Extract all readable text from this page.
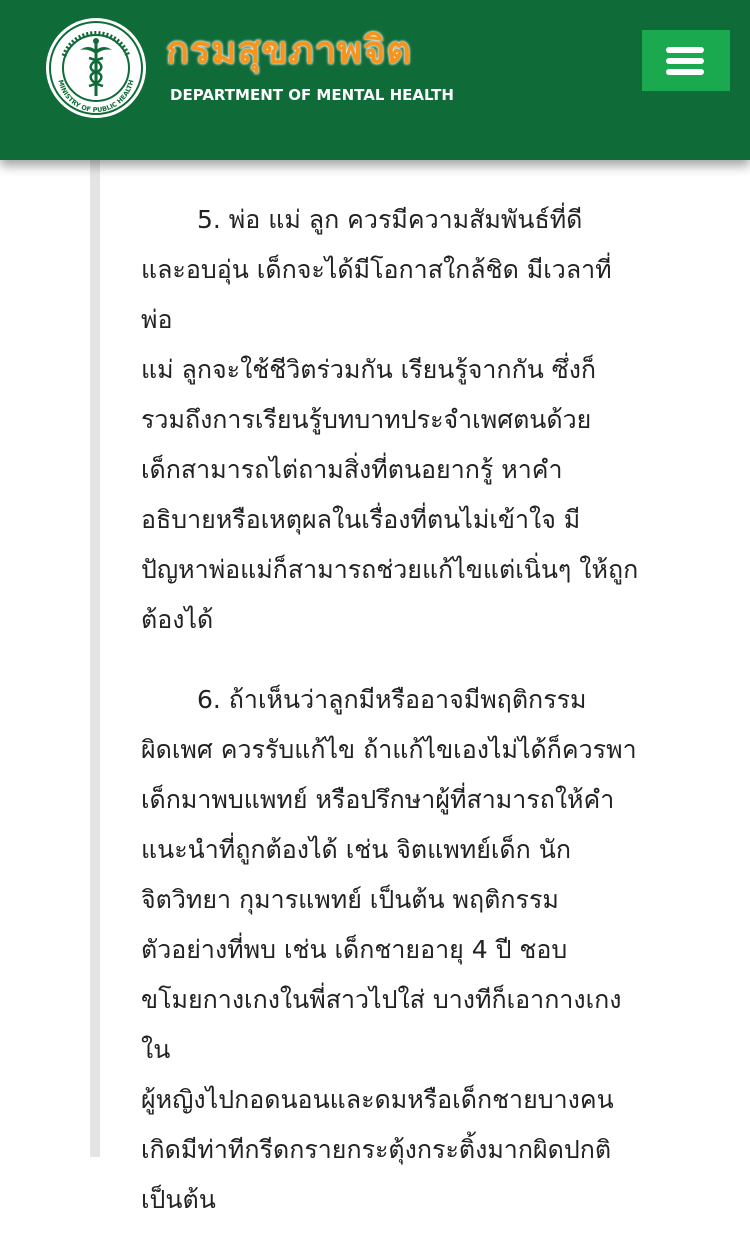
MINISTRY OF PUBLIC HEALTH
กรมสุขภาพจิต
DEPARTMENT OF MENTAL HEALTH

5. พ่อ แม่ ลูก ควรมีความสัมพันธ์ที่ดี
และอบอุ่น เด็กจะได้มีโอกาสใกล้ชิด มีเวลาที่พ่อ
แม่ ลูกจะใช้ชีวิตร่วมกัน เรียนรู้จากกัน ซึ่งก็
รวมถึงการเรียนรู้บทบาทประจำเพศตนด้วย
เด็กสามารถไต่ถามสิ่งที่ตนอยากรู้ หาคำ
อธิบายหรือเหตุผลในเรื่องที่ตนไม่เข้าใจ มี
ปัญหาพ่อแม่ก็สามารถช่วยแก้ไขแต่เนิ่นๆ ให้ถูก
ต้องได้

6. ถ้าเห็นว่าลูกมีหรืออาจมีพฤติกรรม
ผิดเพศ ควรรับแก้ไข ถ้าแก้ไขเองไม่ได้ก็ควรพา
เด็กมาพบแพทย์ หรือปรึกษาผู้ที่สามารถให้คำ
แนะนำที่ถูกต้องได้ เช่น จิตแพทย์เด็ก นัก
จิตวิทยา กุมารแพทย์ เป็นต้น พฤติกรรม
ตัวอย่างที่พบ เช่น เด็กชายอายุ 4 ปี ชอบ
ขโมยกางเกงในพี่สาวไปใส่ บางทีก็เอากางเกงใน
ผู้หญิงไปกอดนอนและดมหรือเด็กชายบางคน
เกิดมีท่าทีกรีดกรายกระตุ้งกระติ้งมากผิดปกติ
เป็นต้น
